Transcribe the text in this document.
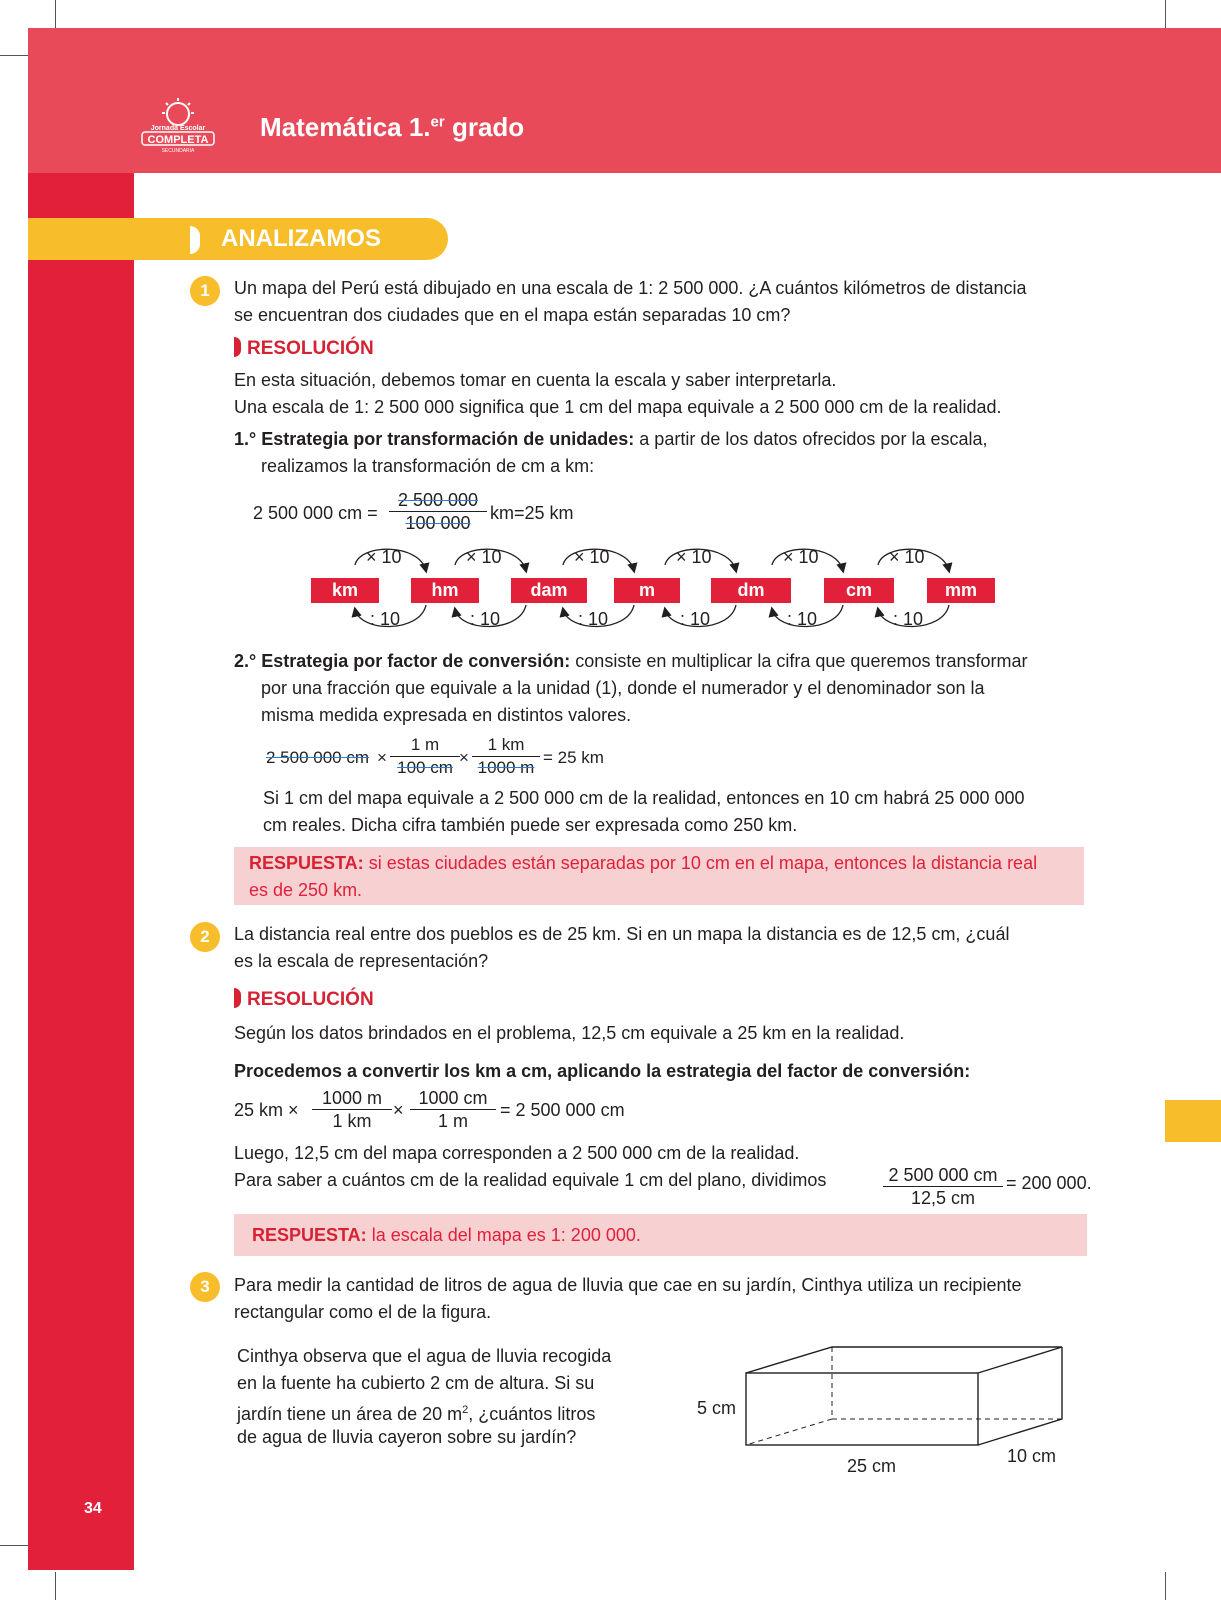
Jornada Escolar
COMPLETA
SECUNDARIA
Matemática 1.$^{er}$ grado
34
ANALIZAMOS
1	Un mapa del Perú está dibujado en una escala de 1: 2 500 000. ¿A cuántos kilómetros de distancia
se encuentran dos ciudades que en el mapa están separadas 10 cm?
RESOLUCIÓN
En esta situación, debemos tomar en cuenta la escala y saber interpretarla.
Una escala de 1: 2 500 000 significa que 1 cm del mapa equivale a 2 500 000 cm de la realidad.
1.° Estrategia por transformación de unidades: a partir de los datos ofrecidos por la escala,
realizamos la transformación de cm a km:
2 500 000 cm = $\frac{2 500 000}{100 000} km=25$ km
km	hm	dam	m	dm	cm	mm
× 10	× 10	× 10	× 10	× 10	× 10
: 10	: 10	: 10	: 10	: 10	: 10
2.° Estrategia por factor de conversión: consiste en multiplicar la cifra que queremos transformar
por una fracción que equivale a la unidad (1), donde el numerador y el denominador son la
misma medida expresada en distintos valores.
2 500 000 cm × $\frac{1 m}{100 cm} \times \frac{1 km}{1000 m} = 25$ km
Si 1 cm del mapa equivale a 2 500 000 cm de la realidad, entonces en 10 cm habrá 25 000 000
cm reales. Dicha cifra también puede ser expresada como 250 km.
RESPUESTA: si estas ciudades están separadas por 10 cm en el mapa, entonces la distancia real
es de 250 km.
2	La distancia real entre dos pueblos es de 25 km. Si en un mapa la distancia es de 12,5 cm, ¿cuál
es la escala de representación?
RESOLUCIÓN
Según los datos brindados en el problema, 12,5 cm equivale a 25 km en la realidad.
Procedemos a convertir los km a cm, aplicando la estrategia del factor de conversión:
25 km × $\frac{1000 m}{1 km} \times \frac{1000 cm}{1 m} = 2$ 500 000 cm
Luego, 12,5 cm del mapa corresponden a 2 500 000 cm de la realidad.
Para saber a cuántos cm de la realidad equivale 1 cm del plano, dividimos	$\frac{2 500 000 cm}{12,5 cm} = 200$ 000.
RESPUESTA: la escala del mapa es 1: 200 000.
3	Para medir la cantidad de litros de agua de lluvia que cae en su jardín, Cinthya utiliza un recipiente
rectangular como el de la figura.
Cinthya observa que el agua de lluvia recogida
en la fuente ha cubierto 2 cm de altura. Si su
jardín tiene un área de 20 $m^2$, ¿cuántos litros
de agua de lluvia cayeron sobre su jardín?
5 cm
25 cm	10 cm
